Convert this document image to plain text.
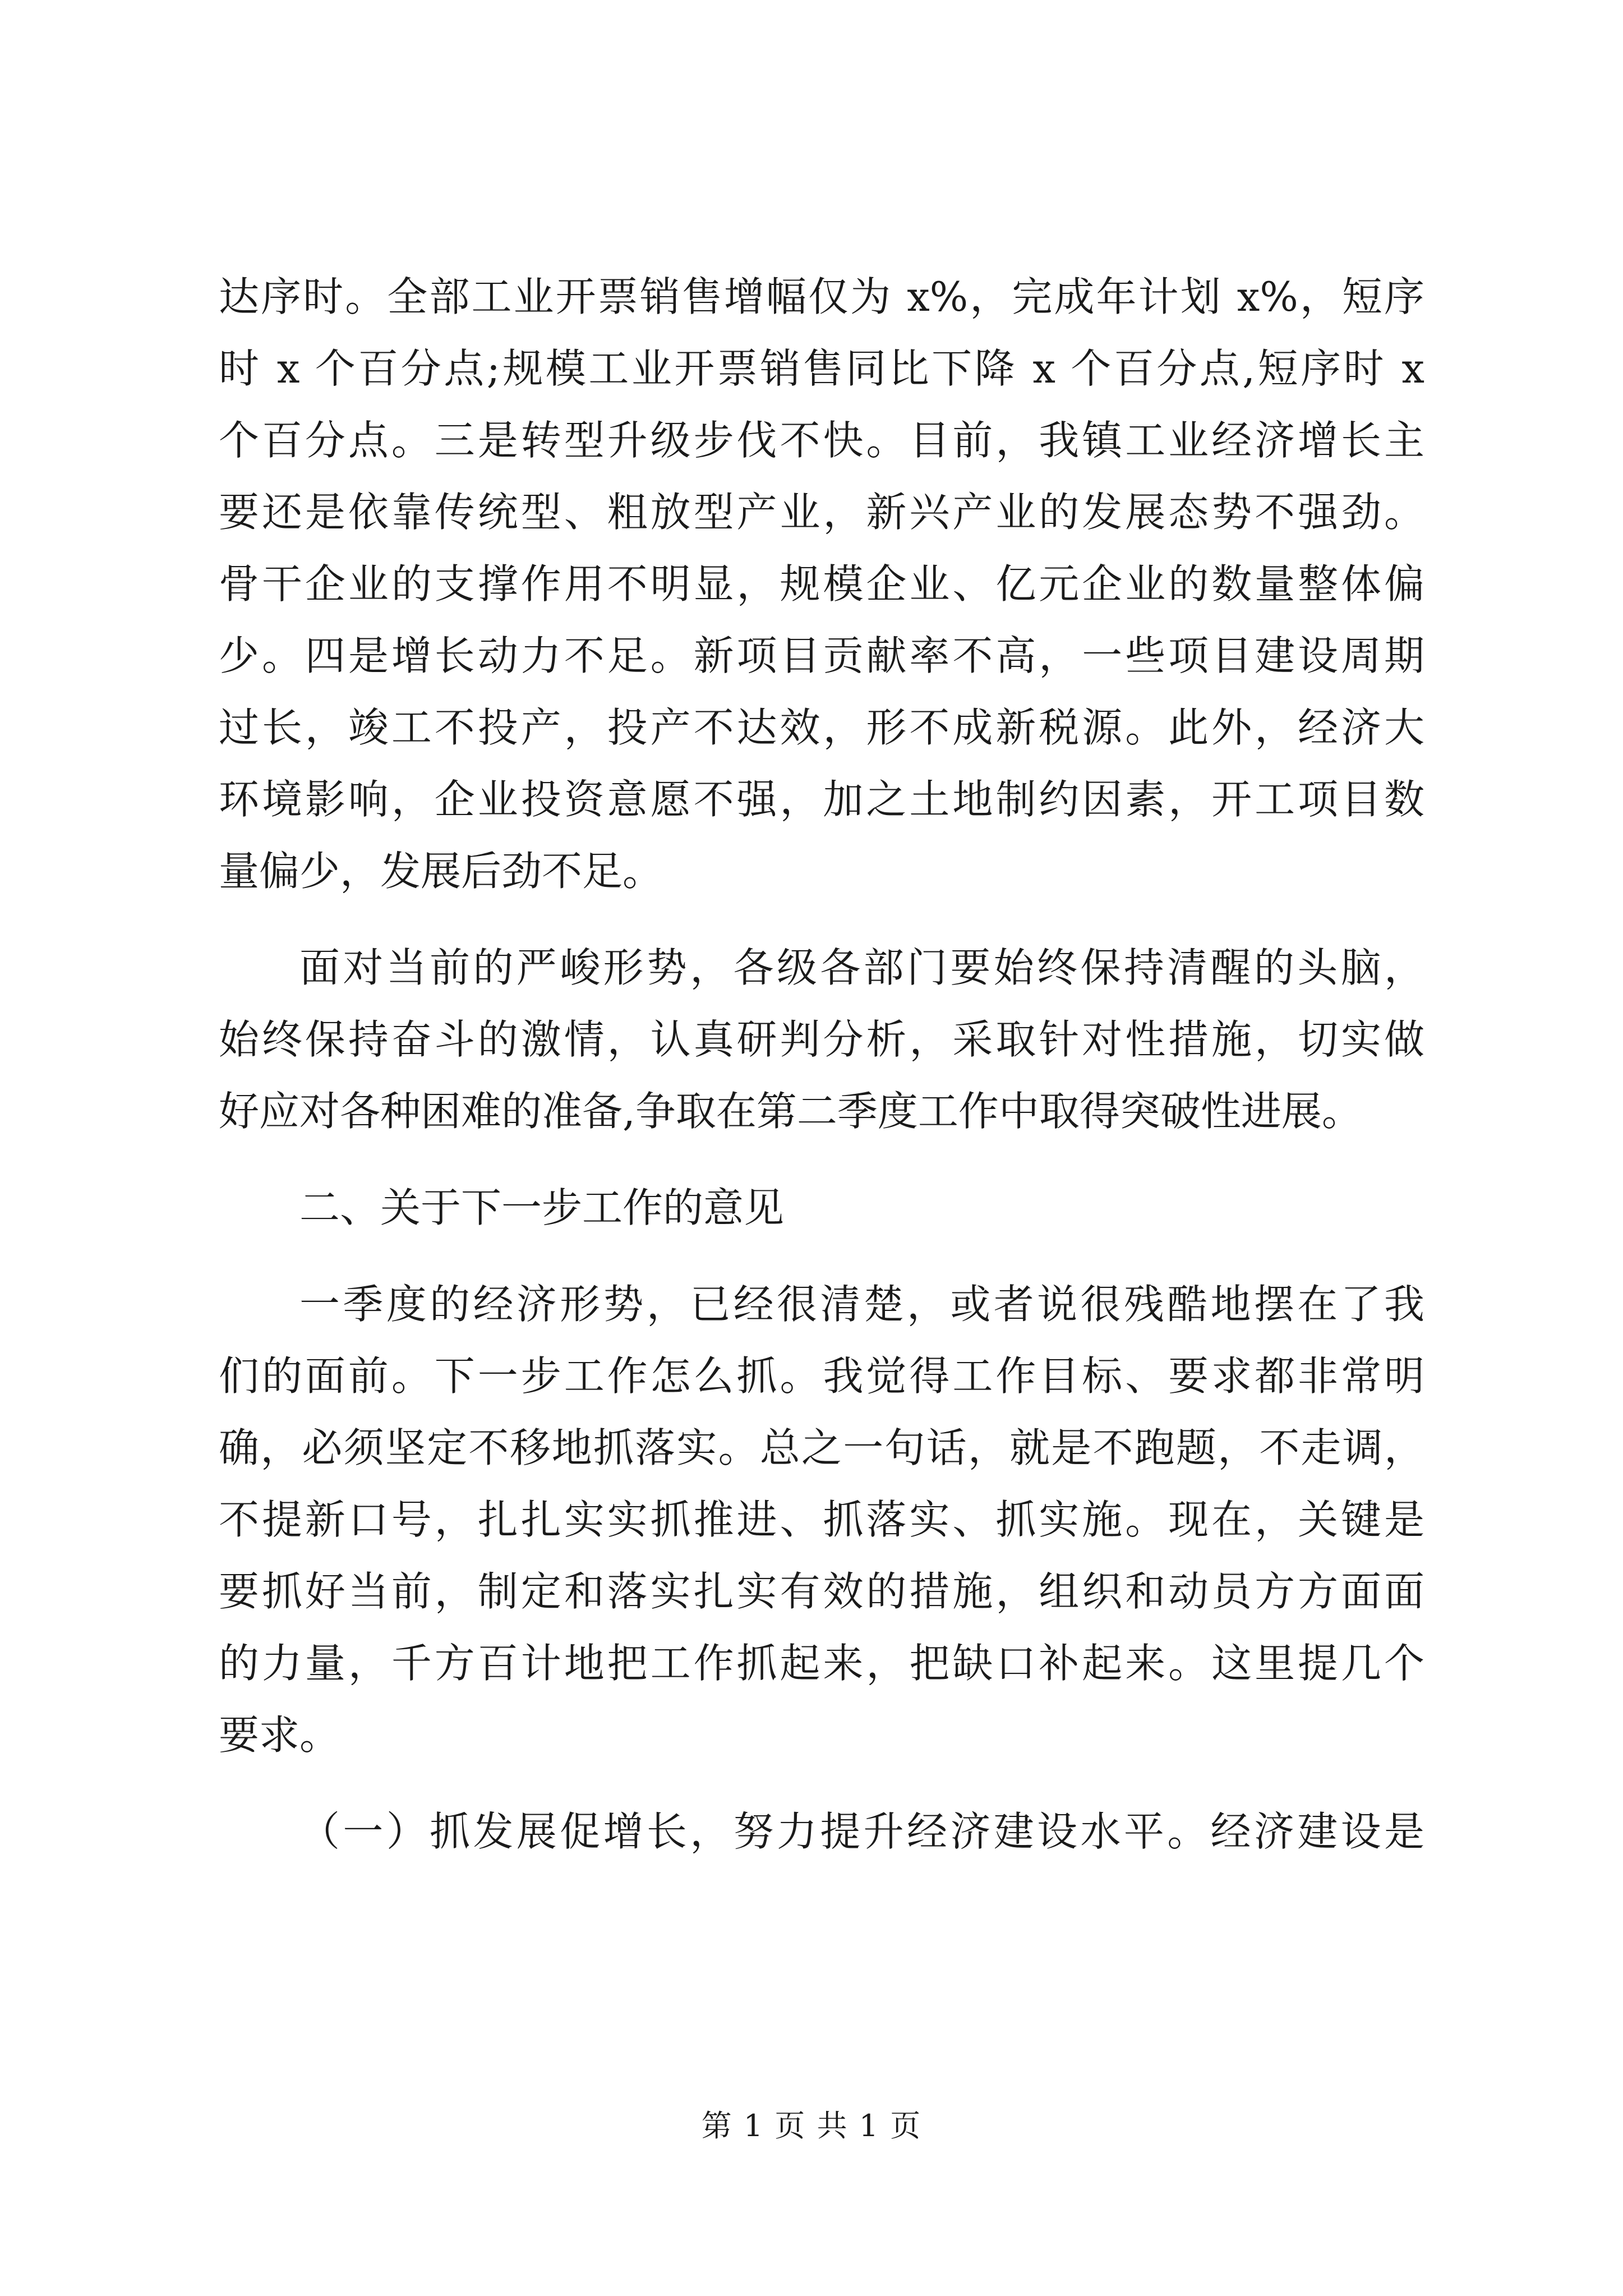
达序时。全部工业开票销售增幅仅为 x%，完成年计划 x%，短序
时 x 个百分点;规模工业开票销售同比下降 x 个百分点,短序时 x
个百分点。三是转型升级步伐不快。目前，我镇工业经济增长主
要还是依靠传统型、粗放型产业，新兴产业的发展态势不强劲。
骨干企业的支撑作用不明显，规模企业、亿元企业的数量整体偏
少。四是增长动力不足。新项目贡献率不高，一些项目建设周期
过长，竣工不投产，投产不达效，形不成新税源。此外，经济大
环境影响，企业投资意愿不强，加之土地制约因素，开工项目数
量偏少，发展后劲不足。
面对当前的严峻形势，各级各部门要始终保持清醒的头脑，
始终保持奋斗的激情，认真研判分析，采取针对性措施，切实做
好应对各种困难的准备,争取在第二季度工作中取得突破性进展。
二、关于下一步工作的意见
一季度的经济形势，已经很清楚，或者说很残酷地摆在了我
们的面前。下一步工作怎么抓。我觉得工作目标、要求都非常明
确，必须坚定不移地抓落实。总之一句话，就是不跑题，不走调，
不提新口号，扎扎实实抓推进、抓落实、抓实施。现在，关键是
要抓好当前，制定和落实扎实有效的措施，组织和动员方方面面
的力量，千方百计地把工作抓起来，把缺口补起来。这里提几个
要求。
（一）抓发展促增长，努力提升经济建设水平。经济建设是
第 1 页 共 1 页
